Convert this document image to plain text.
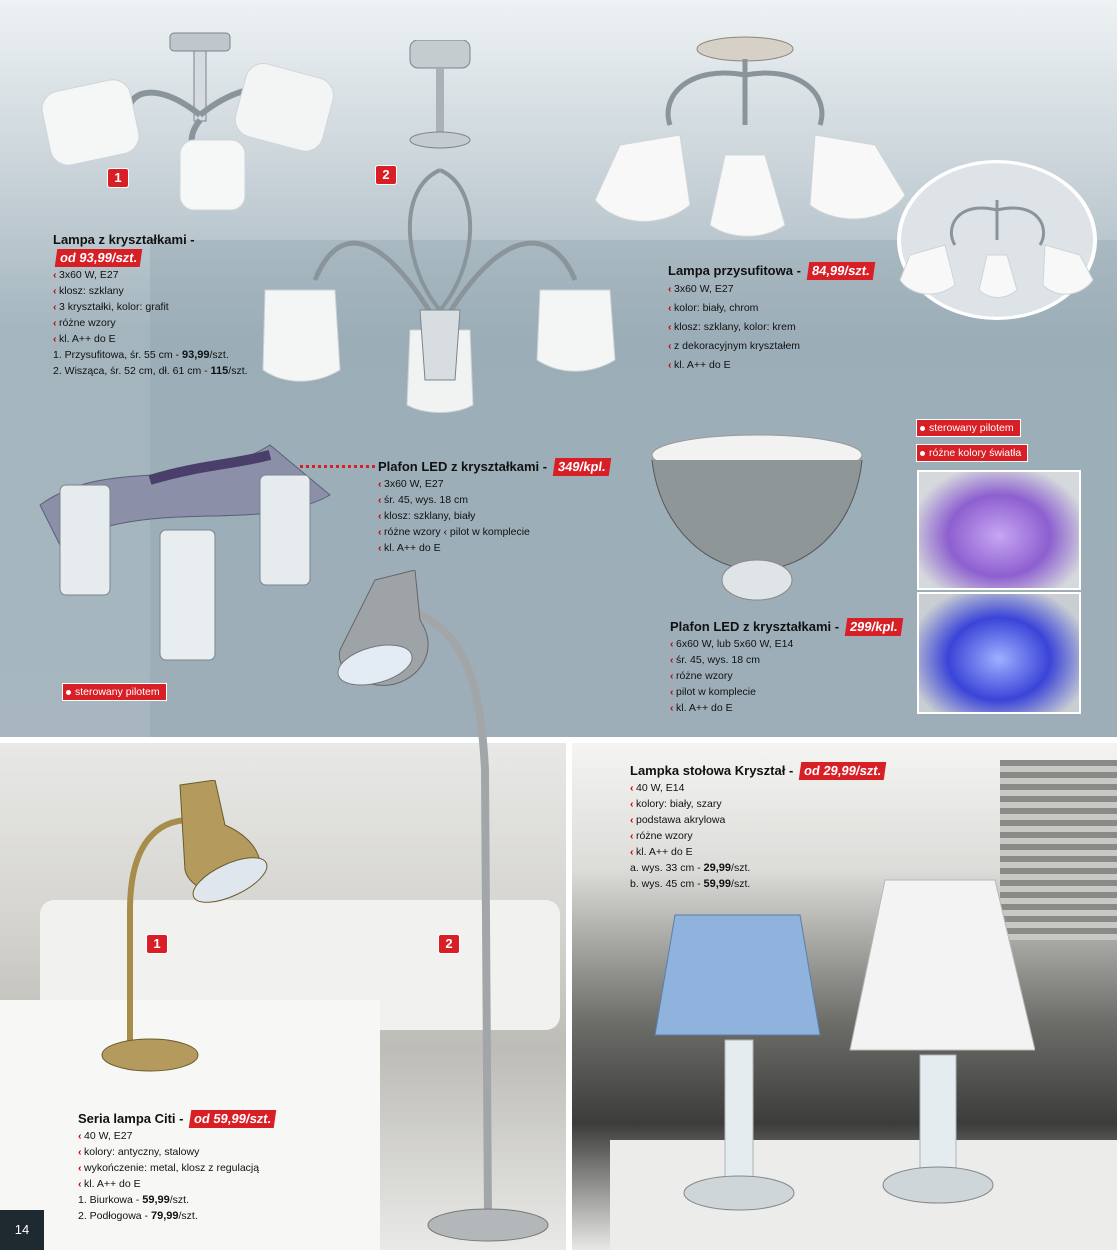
1	2
sterowany pilotem
sterowany pilotem
różne kolory światła
2
1
Lampa z kryształkami - od 93,99/szt.
‹ 3x60 W, E27
‹ klosz: szklany
‹ 3 kryształki, kolor: grafit
‹ różne wzory
‹ kl. A++ do E
1. Przysufitowa, śr. 55 cm - 93,99/szt.
2. Wisząca, śr. 52 cm, dł. 61 cm - 115/szt.
Lampa przysufitowa - 84,99/szt.
‹ 3x60 W, E27
‹ kolor: biały, chrom
‹ klosz: szklany, kolor: krem
‹ z dekoracyjnym kryształem
‹ kl. A++ do E
Plafon LED z kryształkami - 349/kpl.
‹ 3x60 W, E27
‹ śr. 45, wys. 18 cm
‹ klosz: szklany, biały
‹ różne wzory ‹ pilot w komplecie
‹ kl. A++ do E
Plafon LED z kryształkami - 299/kpl.
‹ 6x60 W, lub 5x60 W, E14
‹ śr. 45, wys. 18 cm
‹ różne wzory
‹ pilot w komplecie
‹ kl. A++ do E
Lampka stołowa Kryształ - od 29,99/szt.
‹ 40 W, E14
‹ kolory: biały, szary
‹ podstawa akrylowa
‹ różne wzory
‹ kl. A++ do E
a. wys. 33 cm - 29,99/szt.
b. wys. 45 cm - 59,99/szt.
Seria lampa Citi - od 59,99/szt.
‹ 40 W, E27
‹ kolory: antyczny, stalowy
‹ wykończenie: metal, klosz z regulacją
‹ kl. A++ do E
1. Biurkowa - 59,99/szt.
2. Podłogowa - 79,99/szt.
14
